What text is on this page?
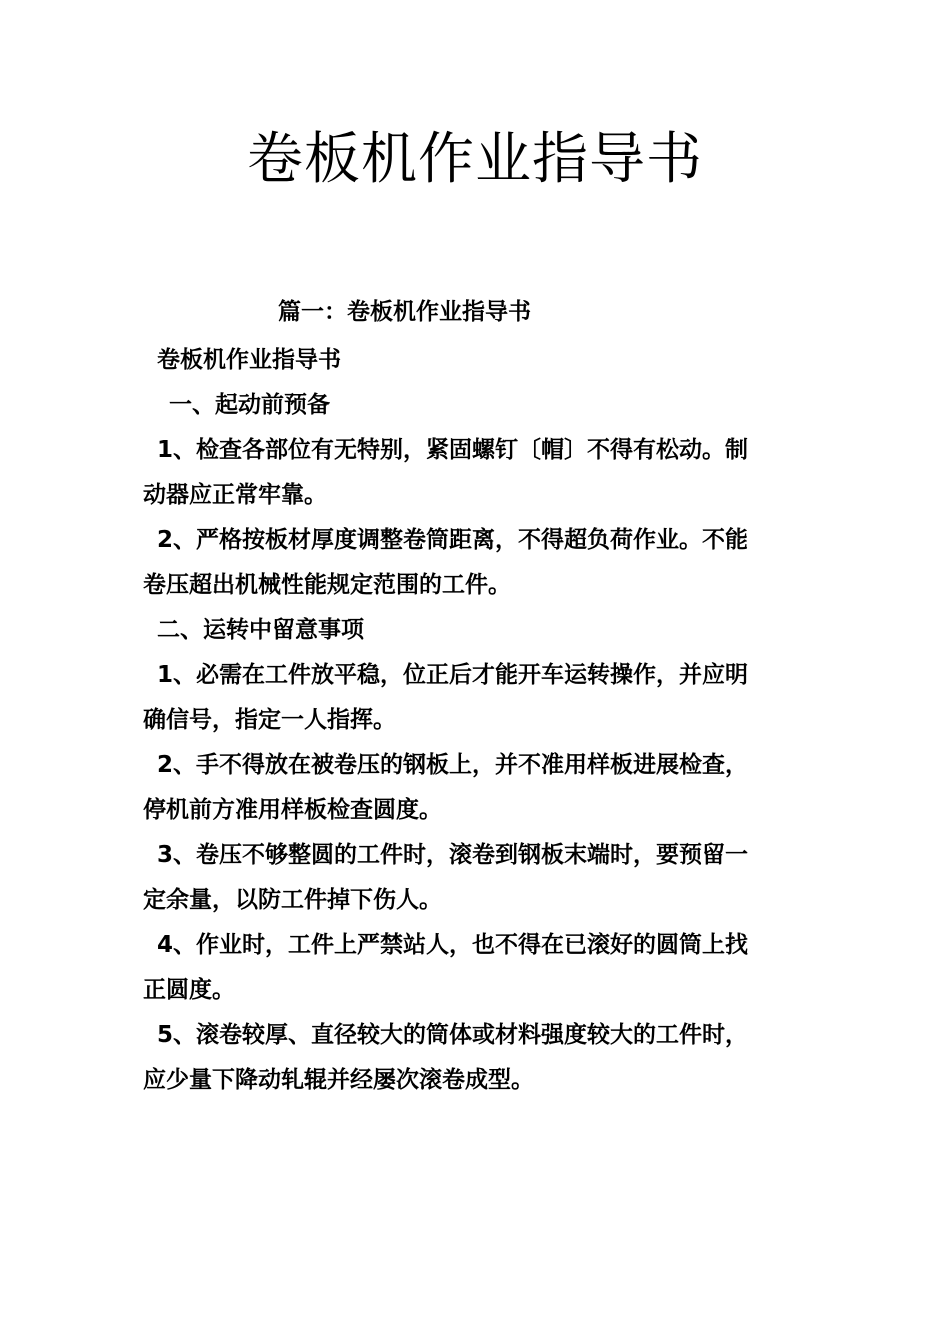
卷板机作业指导书
篇一：卷板机作业指导书

卷板机作业指导书

一、起动前预备

1、检查各部位有无特别，紧固螺钉〔帽〕不得有松动。制

动器应正常牢靠。

2、严格按板材厚度调整卷筒距离，不得超负荷作业。不能

卷压超出机械性能规定范围的工件。

二、运转中留意事项

1、必需在工件放平稳，位正后才能开车运转操作，并应明

确信号，指定一人指挥。

2、手不得放在被卷压的钢板上，并不准用样板进展检查，

停机前方准用样板检查圆度。

3、卷压不够整圆的工件时，滚卷到钢板末端时，要预留一

定余量，以防工件掉下伤人。

4、作业时，工件上严禁站人，也不得在已滚好的圆筒上找

正圆度。

5、滚卷较厚、直径较大的筒体或材料强度较大的工件时，

应少量下降动轧辊并经屡次滚卷成型。
